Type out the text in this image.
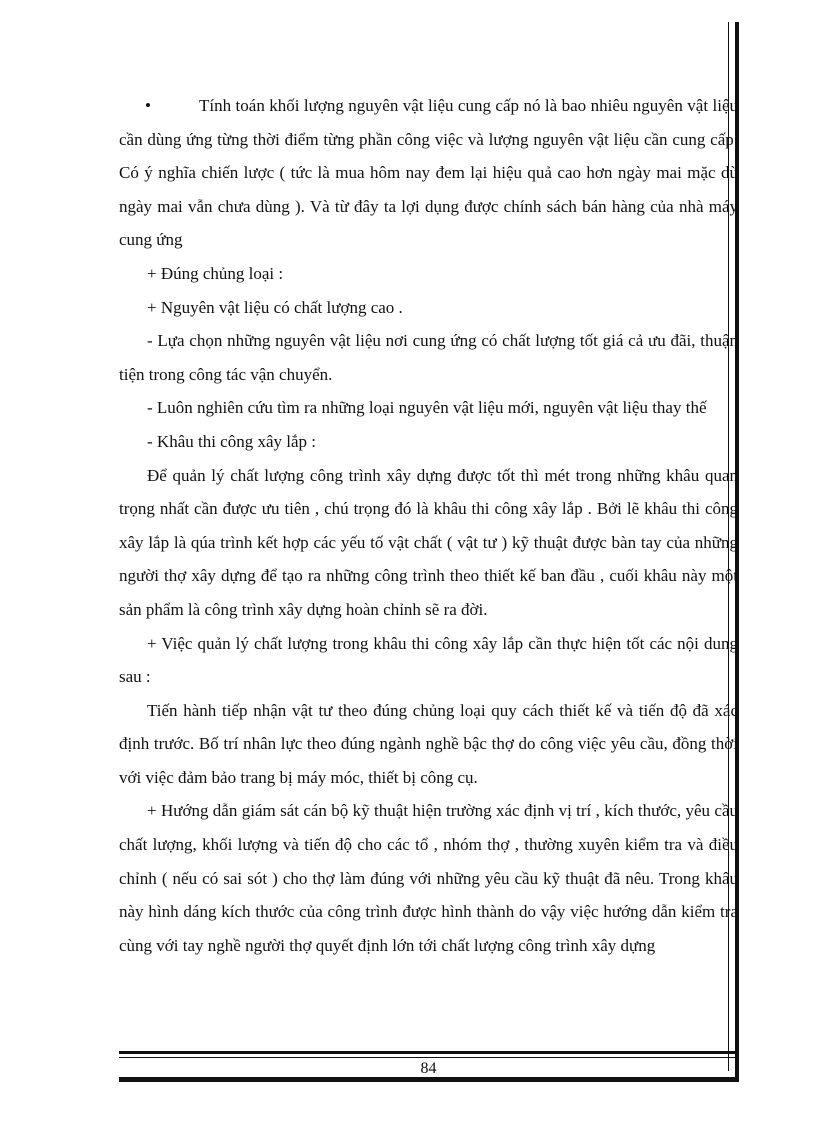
•	Tính toán khối lượng nguyên vật liệu cung cấp nó là bao nhiêu nguyên vật liệu cần dùng ứng từng thời điểm từng phần công việc và lượng nguyên vật liệu cần cung cấp. Có ý nghĩa chiến lược ( tức là mua hôm nay đem lại hiệu quả cao hơn ngày mai mặc dù ngày mai vẫn chưa dùng ). Và từ đây ta lợi dụng được chính sách bán hàng của nhà máy cung ứng

+ Đúng chủng loại :

+ Nguyên vật liệu có chất lượng cao .

- Lựa chọn những nguyên vật liệu nơi cung ứng có chất lượng tốt giá cả ưu đãi, thuận tiện trong công tác vận chuyển.

- Luôn nghiên cứu tìm ra những loại nguyên vật liệu mới, nguyên vật liệu thay thế

- Khâu thi công xây lắp :

Để quản lý chất lượng công trình xây dựng được tốt thì mét trong những khâu quan trọng nhất cần được ưu tiên , chú trọng đó là khâu thi công xây lắp . Bởi lẽ khâu thi công xây lắp là qúa trình kết hợp các yếu tố vật chất ( vật tư ) kỹ thuật được bàn tay của những người thợ xây dựng để tạo ra những công trình theo thiết kế ban đầu , cuối khâu này một sản phẩm là công trình xây dựng hoàn chỉnh sẽ ra đời.

+ Việc quản lý chất lượng trong khâu thi công xây lắp cần thực hiện tốt các nội dung sau :

Tiến hành tiếp nhận vật tư theo đúng chủng loại quy cách thiết kế và tiến độ đã xác định trước. Bố trí nhân lực theo đúng ngành nghề bậc thợ do công việc yêu cầu, đồng thời với việc đảm bảo trang bị máy móc, thiết bị công cụ.

+ Hướng dẫn giám sát cán bộ kỹ thuật hiện trường xác định vị trí , kích thước, yêu cầu chất lượng, khối lượng và tiến độ cho các tổ , nhóm thợ , thường xuyên kiểm tra và điều chỉnh ( nếu có sai sót ) cho thợ làm đúng với những yêu cầu kỹ thuật đã nêu. Trong khâu này hình dáng kích thước của công trình được hình thành do vậy việc hướng dẫn kiểm tra cùng với tay nghề người thợ quyết định lớn tới chất lượng công trình xây dựng

84
